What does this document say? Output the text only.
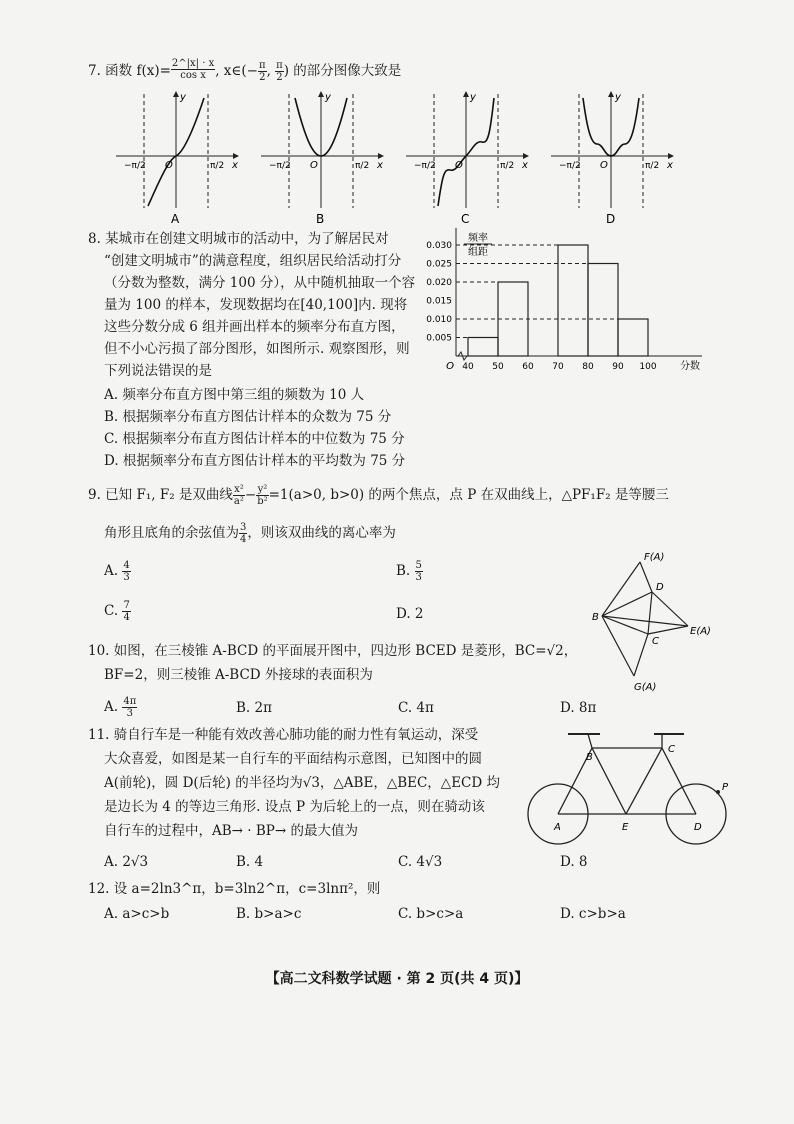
7. 函数 $f(x)= \frac{2\^{}|x| \cdot x}{\text{cos x}}$ , x∈(− $\frac{\pi}{2}$ , $\frac{\pi}{2}$ ) 的部分图像大致是
y
x
O
−π/2	π/2
A
y
x
O
−π/2	π/2
B
y
x
O
−π/2	π/2
C
y
x
O
−π/2	π/2
D
8. 某城市在创建文明城市的活动中，为了解居民对
“创建文明城市”的满意程度，组织居民给活动打分
（分数为整数，满分 100 分），从中随机抽取一个容
量为 100 的样本，发现数据均在[40,100]内. 现将
这些分数分成 6 组并画出样本的频率分布直方图，
但不小心污损了部分图形，如图所示. 观察图形，则
下列说法错误的是
A. 频率分布直方图中第三组的频数为 10 人
B. 根据频率分布直方图估计样本的众数为 75 分
C. 根据频率分布直方图估计样本的中位数为 75 分
D. 根据频率分布直方图估计样本的平均数为 75 分
0.005
0.010
0.015
0.020
0.025
0.030
40 50 60 70 80 90 100
O	分数
频率
组距
9. 已知 F₁, F₂ 是双曲线 $\frac{\text{x²}}{\text{a²}} - \frac{\text{y²}}{\text{b²}} =1(a>0$, b>0) 的两个焦点，点 P 在双曲线上，△PF₁F₂ 是等腰三
角形且底角的余弦值为 $\frac{3}{4}$ ，则该双曲线的离心率为
A. $\frac{4}{3}$	B. $\frac{5}{3}$
C. $\frac{7}{4}$	D. 2
F(A)
D
B
E(A)
C
G(A)
10. 如图，在三棱锥 A-BCD 的平面展开图中，四边形 BCED 是菱形，BC=√2，
BF=2，则三棱锥 A-BCD 外接球的表面积为
A. $\frac{4\pi}{3}$	B. 2π	C. 4π	D. 8π
11. 骑自行车是一种能有效改善心肺功能的耐力性有氧运动，深受
大众喜爱，如图是某一自行车的平面结构示意图，已知图中的圆
A(前轮)，圆 D(后轮) 的半径均为√3，△ABE，△BEC，△ECD 均
是边长为 4 的等边三角形. 设点 P 为后轮上的一点，则在骑动该
自行车的过程中，AB→ · BP→ 的最大值为
A. 2√3	B. 4	C. 4√3	D. 8
B
C
A	E	D
P
12. 设 a=2ln3^π，b=3ln2^π，c=3lnπ²，则
A. a>c>b	B. b>a>c	C. b>c>a	D. c>b>a
【高二文科数学试题 · 第 2 页(共 4 页)】
